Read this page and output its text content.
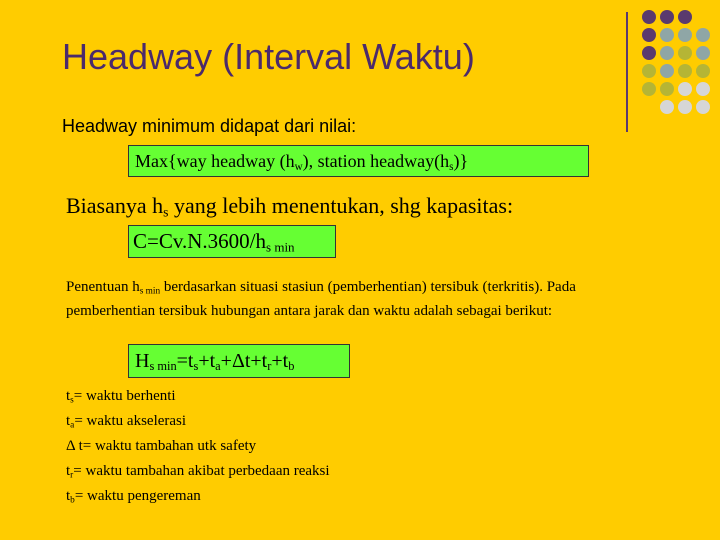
Headway (Interval Waktu)
Headway minimum didapat dari nilai:
Max{way headway $(h_w)$, station $headway(h_s)$}
Biasanya $h_s$ yang lebih menentukan, shg kapasitas:
$C=Cv.N.3600/h_{s min}$
Penentuan $h_{s min}$ berdasarkan situasi stasiun (pemberhentian) tersibuk (terkritis). Pada pemberhentian tersibuk hubungan antara jarak dan waktu adalah sebagai berikut:
$H_{s min}=t_s+t_a+\Delta t+t_r+t_b$
$t_s=$ waktu berhenti
$t_a=$ waktu akselerasi
Δ t= waktu tambahan utk safety
$t_r=$ waktu tambahan akibat perbedaan reaksi
$t_b=$ waktu pengereman
